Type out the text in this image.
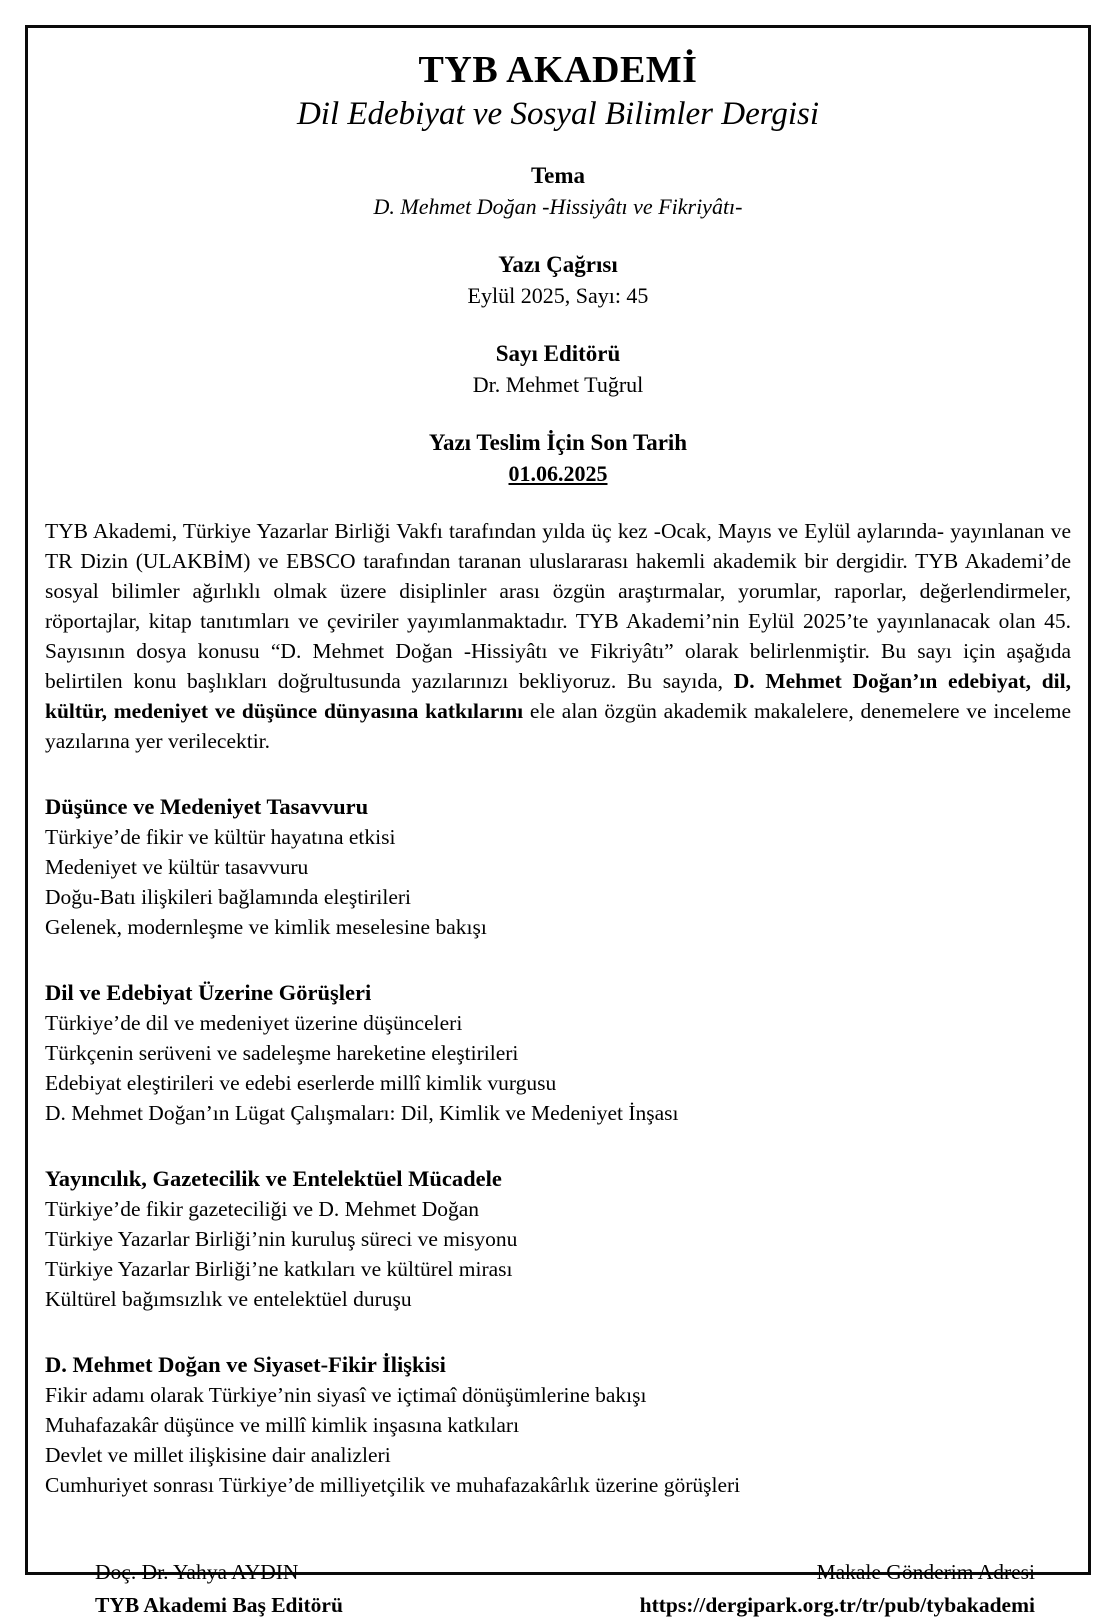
TYB AKADEMİ
Dil Edebiyat ve Sosyal Bilimler Dergisi
Tema
D. Mehmet Doğan -Hissiyâtı ve Fikriyâtı-
Yazı Çağrısı
Eylül 2025, Sayı: 45
Sayı Editörü
Dr. Mehmet Tuğrul
Yazı Teslim İçin Son Tarih
01.06.2025

TYB Akademi, Türkiye Yazarlar Birliği Vakfı tarafından yılda üç kez -Ocak, Mayıs ve Eylül aylarında- yayınlanan ve TR Dizin (ULAKBİM) ve EBSCO tarafından taranan uluslararası hakemli akademik bir dergidir. TYB Akademi’de sosyal bilimler ağırlıklı olmak üzere disiplinler arası özgün araştırmalar, yorumlar, raporlar, değerlendirmeler, röportajlar, kitap tanıtımları ve çeviriler yayımlanmaktadır. TYB Akademi’nin Eylül 2025’te yayınlanacak olan 45. Sayısının dosya konusu “D. Mehmet Doğan -Hissiyâtı ve Fikriyâtı” olarak belirlenmiştir. Bu sayı için aşağıda belirtilen konu başlıkları doğrultusunda yazılarınızı bekliyoruz. Bu sayıda, D. Mehmet Doğan’ın edebiyat, dil, kültür, medeniyet ve düşünce dünyasına katkılarını ele alan özgün akademik makalelere, denemelere ve inceleme yazılarına yer verilecektir.

Düşünce ve Medeniyet Tasavvuru
Türkiye’de fikir ve kültür hayatına etkisi
Medeniyet ve kültür tasavvuru
Doğu-Batı ilişkileri bağlamında eleştirileri
Gelenek, modernleşme ve kimlik meselesine bakışı
Dil ve Edebiyat Üzerine Görüşleri
Türkiye’de dil ve medeniyet üzerine düşünceleri
Türkçenin serüveni ve sadeleşme hareketine eleştirileri
Edebiyat eleştirileri ve edebi eserlerde millî kimlik vurgusu
D. Mehmet Doğan’ın Lügat Çalışmaları: Dil, Kimlik ve Medeniyet İnşası
Yayıncılık, Gazetecilik ve Entelektüel Mücadele
Türkiye’de fikir gazeteciliği ve D. Mehmet Doğan
Türkiye Yazarlar Birliği’nin kuruluş süreci ve misyonu
Türkiye Yazarlar Birliği’ne katkıları ve kültürel mirası
Kültürel bağımsızlık ve entelektüel duruşu
D. Mehmet Doğan ve Siyaset-Fikir İlişkisi
Fikir adamı olarak Türkiye’nin siyasî ve içtimaî dönüşümlerine bakışı
Muhafazakâr düşünce ve millî kimlik inşasına katkıları
Devlet ve millet ilişkisine dair analizleri
Cumhuriyet sonrası Türkiye’de milliyetçilik ve muhafazakârlık üzerine görüşleri
Doç. Dr. Yahya AYDIN
TYB Akademi Baş Editörü
Makale Gönderim Adresi
https://dergipark.org.tr/tr/pub/tybakademi
